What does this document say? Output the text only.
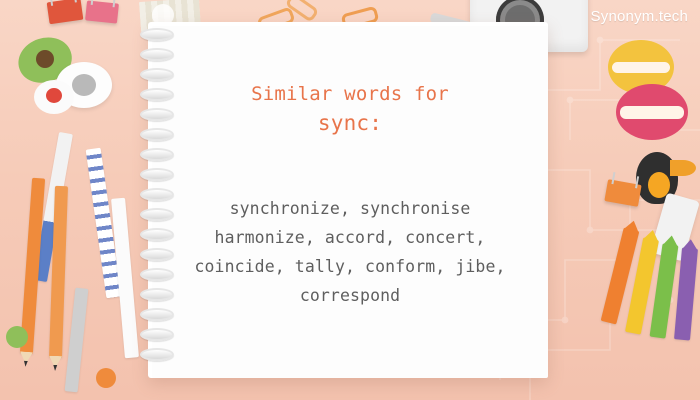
Synonym.tech
Similar words for
sync:
synchronize, synchronise
harmonize, accord, concert,
coincide, tally, conform, jibe,
correspond
